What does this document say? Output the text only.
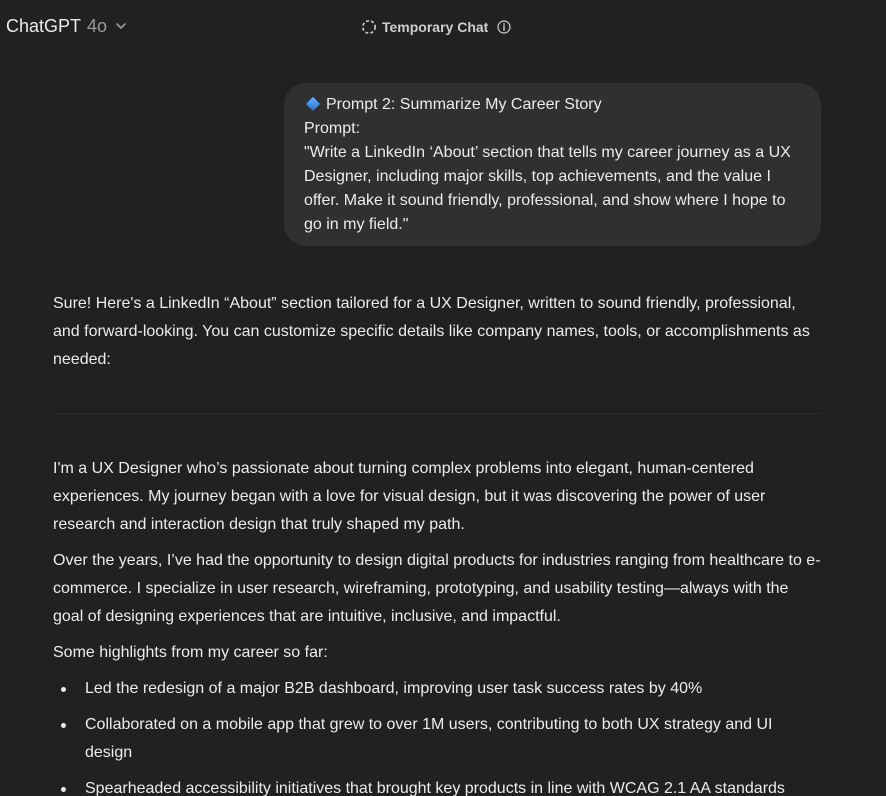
ChatGPT 4o	Temporary Chat
Prompt 2: Summarize My Career Story
Prompt:
"Write a LinkedIn ‘About’ section that tells my career journey as a UX
Designer, including major skills, top achievements, and the value I
offer. Make it sound friendly, professional, and show where I hope to
go in my field."

Sure! Here's a LinkedIn “About” section tailored for a UX Designer, written to sound friendly, professional, and forward-looking. You can customize specific details like company names, tools, or accomplishments as needed:

I'm a UX Designer who’s passionate about turning complex problems into elegant, human-centered experiences. My journey began with a love for visual design, but it was discovering the power of user research and interaction design that truly shaped my path.

Over the years, I’ve had the opportunity to design digital products for industries ranging from healthcare to e-commerce. I specialize in user research, wireframing, prototyping, and usability testing—always with the goal of designing experiences that are intuitive, inclusive, and impactful.

Some highlights from my career so far:

Led the redesign of a major B2B dashboard, improving user task success rates by 40%
Collaborated on a mobile app that grew to over 1M users, contributing to both UX strategy and UI design
Spearheaded accessibility initiatives that brought key products in line with WCAG 2.1 AA standards
